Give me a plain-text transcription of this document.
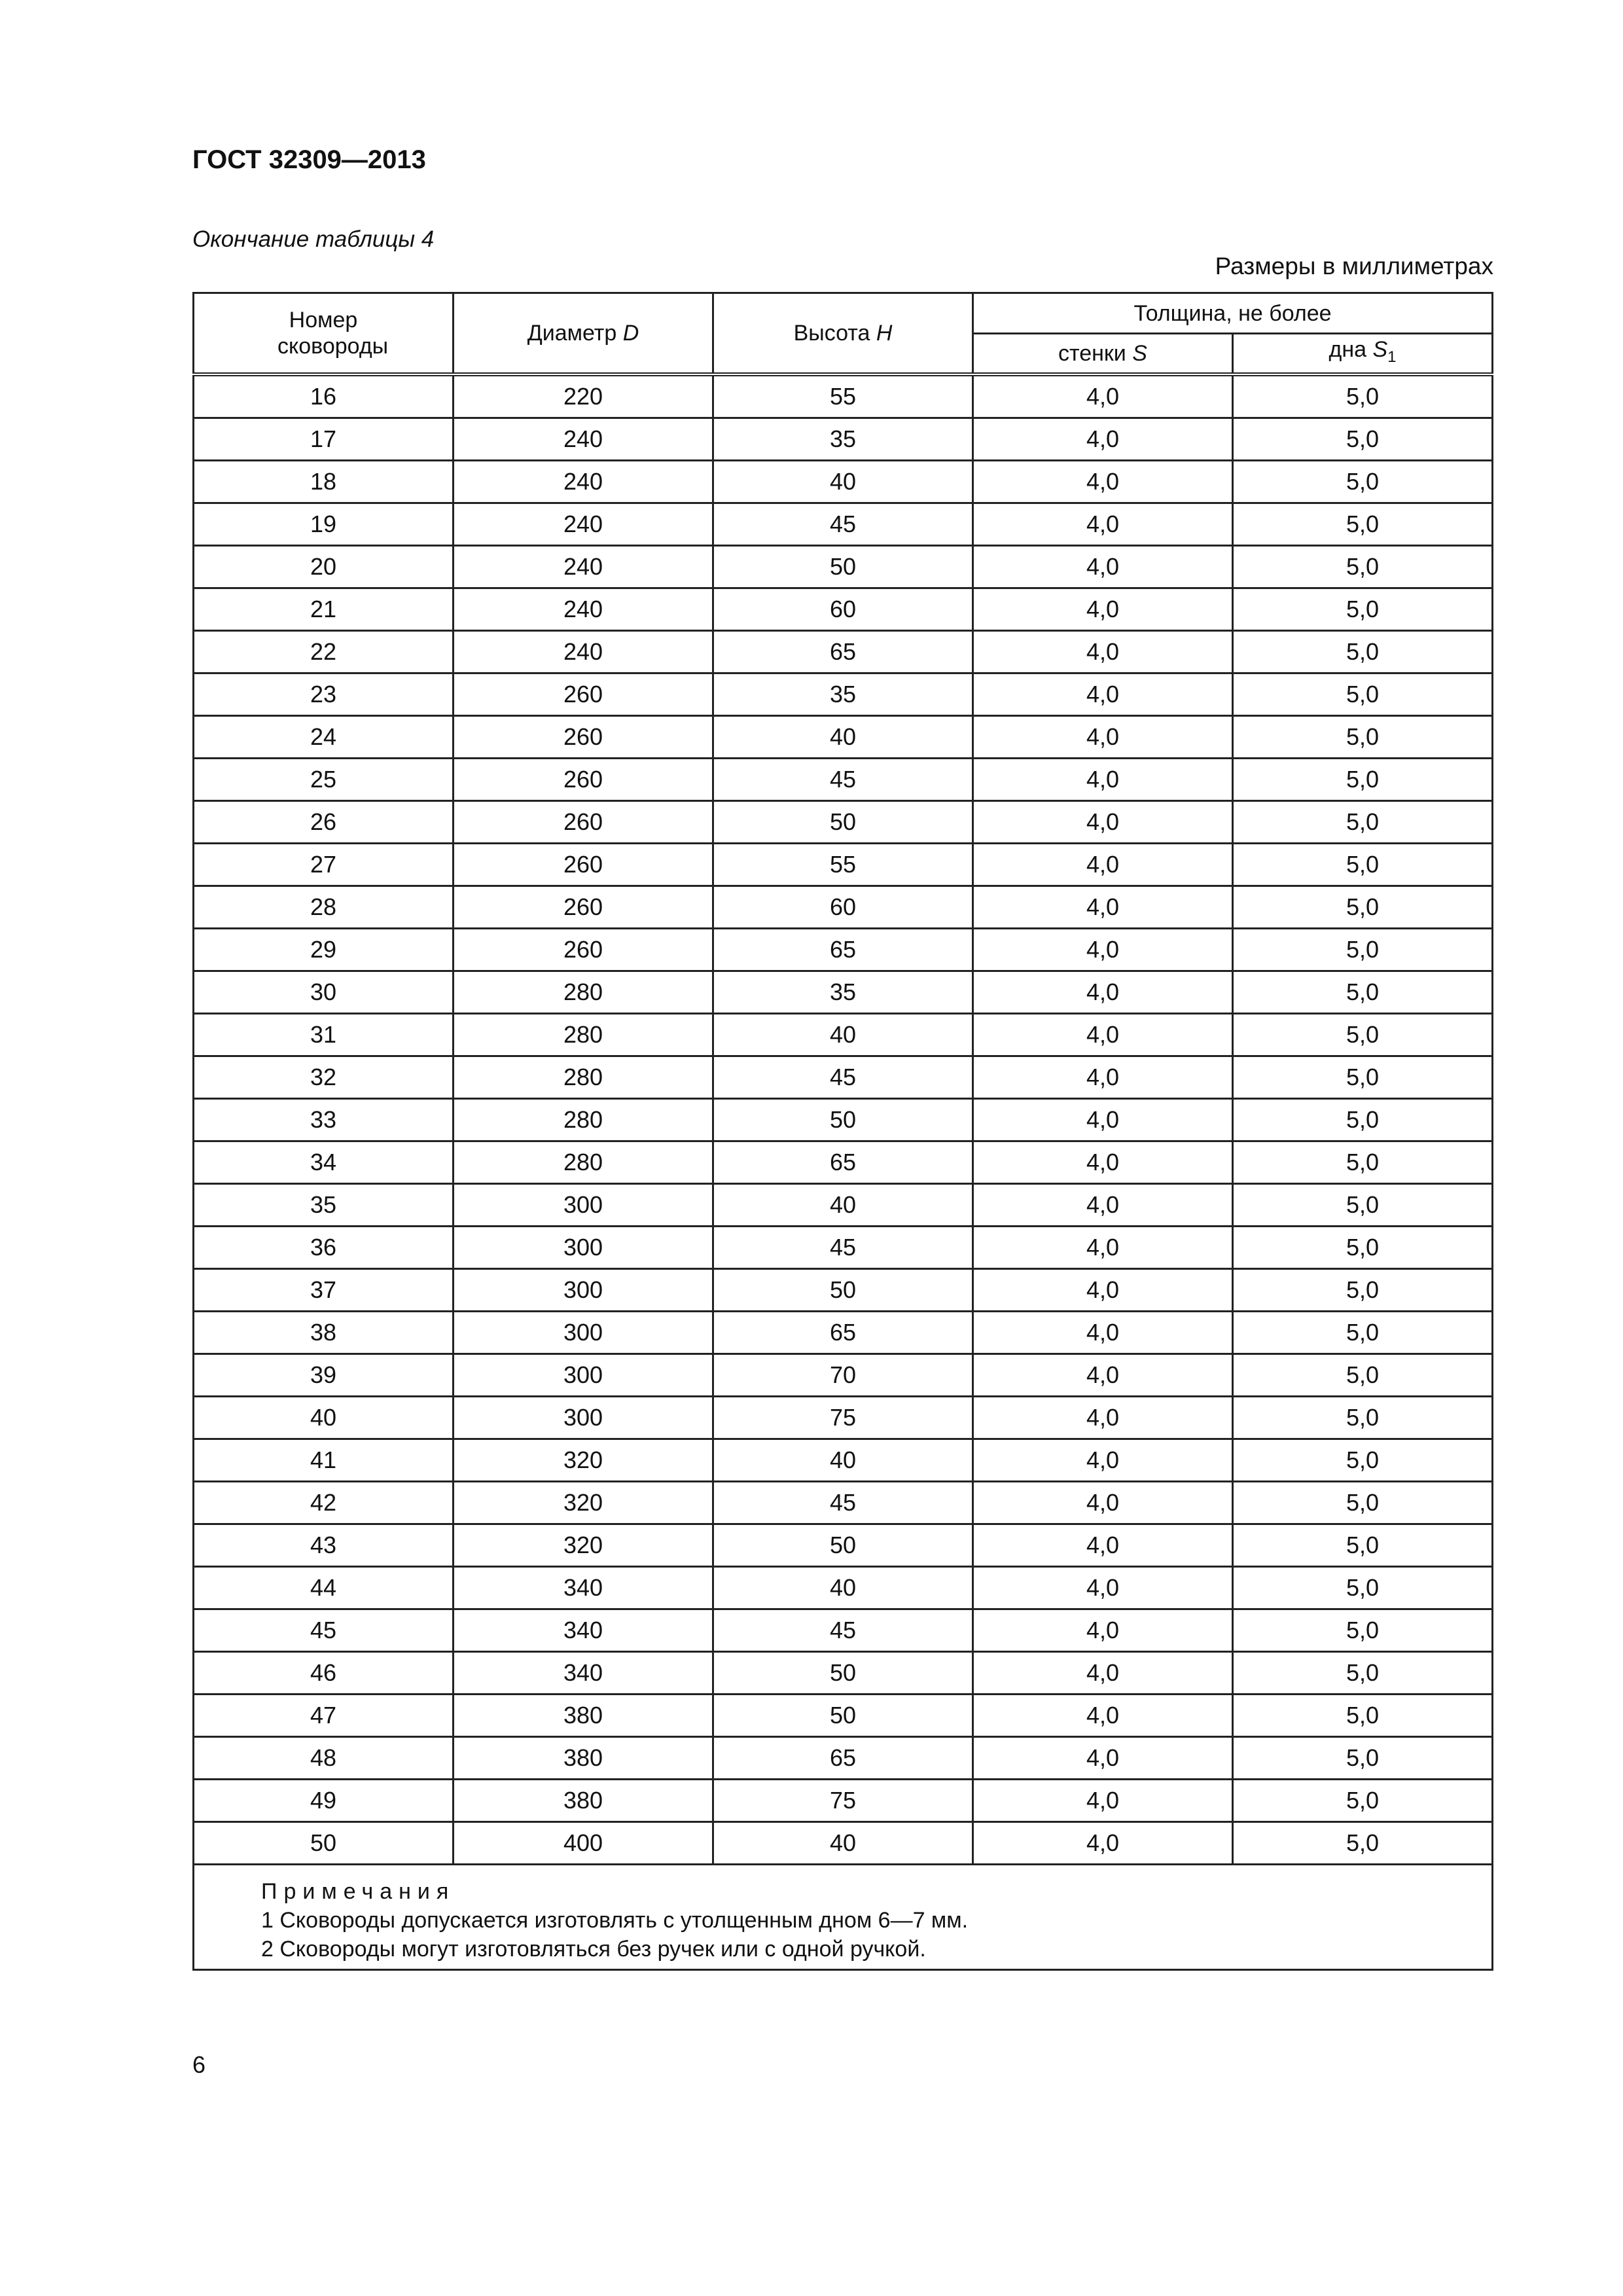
ГОСТ 32309—2013
Окончание таблицы 4
Размеры в миллиметрах
Номер сковороды	Диаметр D	Высота H	Толщина, не более	
			стенки S	дна $S_1$
16	220	55	4,0	5,0
17	240	35	4,0	5,0
18	240	40	4,0	5,0
19	240	45	4,0	5,0
20	240	50	4,0	5,0
21	240	60	4,0	5,0
22	240	65	4,0	5,0
23	260	35	4,0	5,0
24	260	40	4,0	5,0
25	260	45	4,0	5,0
26	260	50	4,0	5,0
27	260	55	4,0	5,0
28	260	60	4,0	5,0
29	260	65	4,0	5,0
30	280	35	4,0	5,0
31	280	40	4,0	5,0
32	280	45	4,0	5,0
33	280	50	4,0	5,0
34	280	65	4,0	5,0
35	300	40	4,0	5,0
36	300	45	4,0	5,0
37	300	50	4,0	5,0
38	300	65	4,0	5,0
39	300	70	4,0	5,0
40	300	75	4,0	5,0
41	320	40	4,0	5,0
42	320	45	4,0	5,0
43	320	50	4,0	5,0
44	340	40	4,0	5,0
45	340	45	4,0	5,0
46	340	50	4,0	5,0
47	380	50	4,0	5,0
48	380	65	4,0	5,0
49	380	75	4,0	5,0
50	400	40	4,0	5,0

Примечания
1 Сковороды допускается изготовлять с утолщенным дном 6—7 мм.
2 Сковороды могут изготовляться без ручек или с одной ручкой.				
6
